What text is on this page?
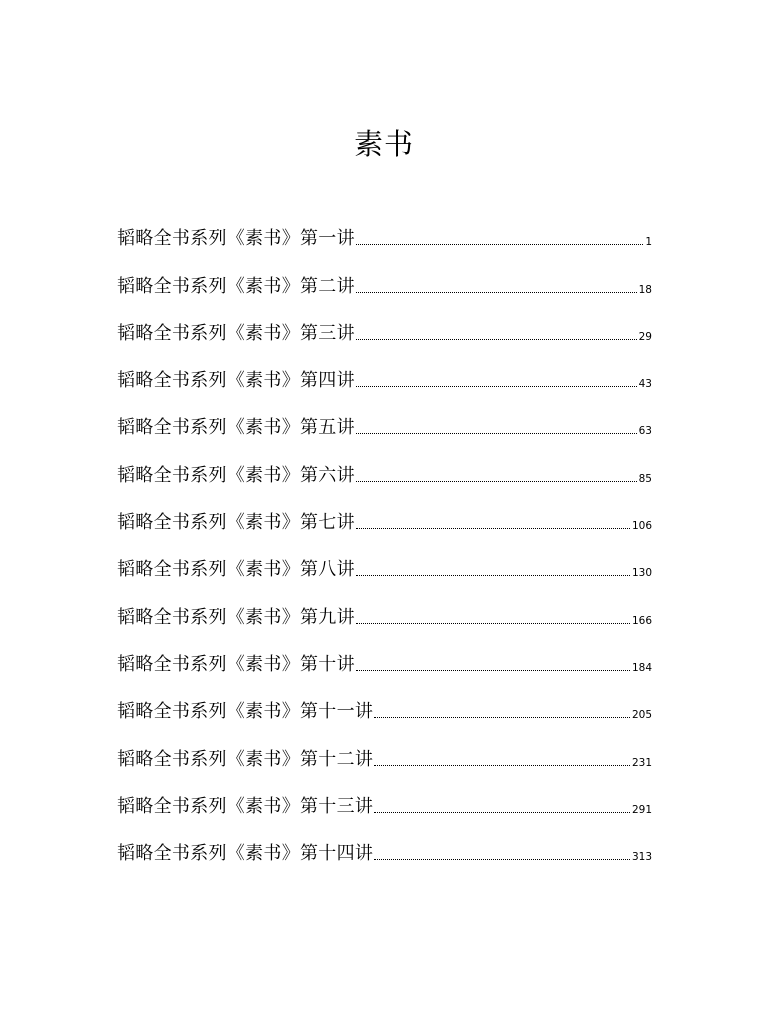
素书
韬略全书系列《素书》第一讲	1
韬略全书系列《素书》第二讲	18
韬略全书系列《素书》第三讲	29
韬略全书系列《素书》第四讲	43
韬略全书系列《素书》第五讲	63
韬略全书系列《素书》第六讲	85
韬略全书系列《素书》第七讲	106
韬略全书系列《素书》第八讲	130
韬略全书系列《素书》第九讲	166
韬略全书系列《素书》第十讲	184
韬略全书系列《素书》第十一讲	205
韬略全书系列《素书》第十二讲	231
韬略全书系列《素书》第十三讲	291
韬略全书系列《素书》第十四讲	313
